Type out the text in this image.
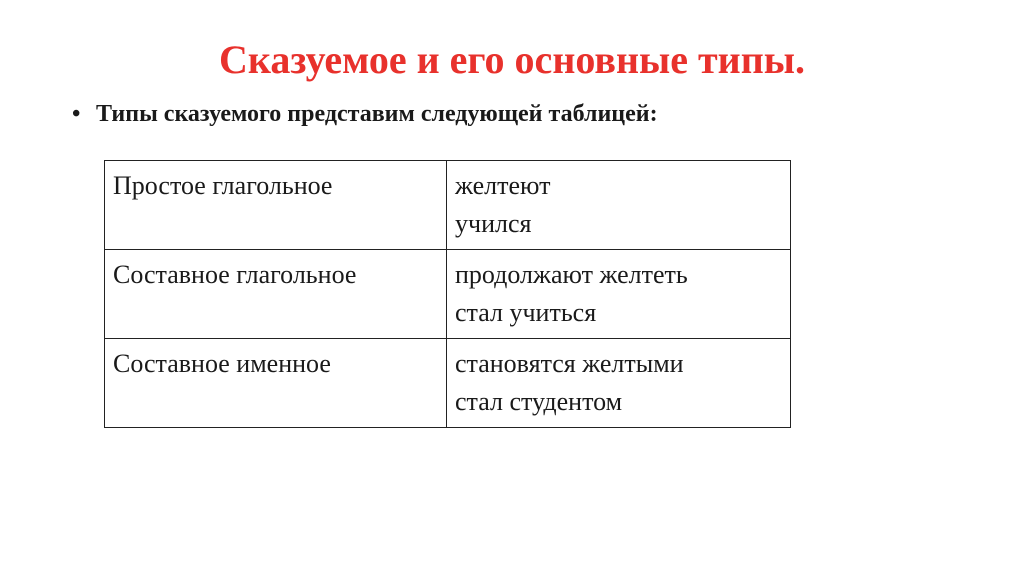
Сказуемое и его основные типы.
• Типы сказуемого представим следующей таблицей:
Простое глагольное	желтеют
учился

Составное глагольное	продолжают желтеть
стал учиться

Составное именное	становятся желтыми
стал студентом
